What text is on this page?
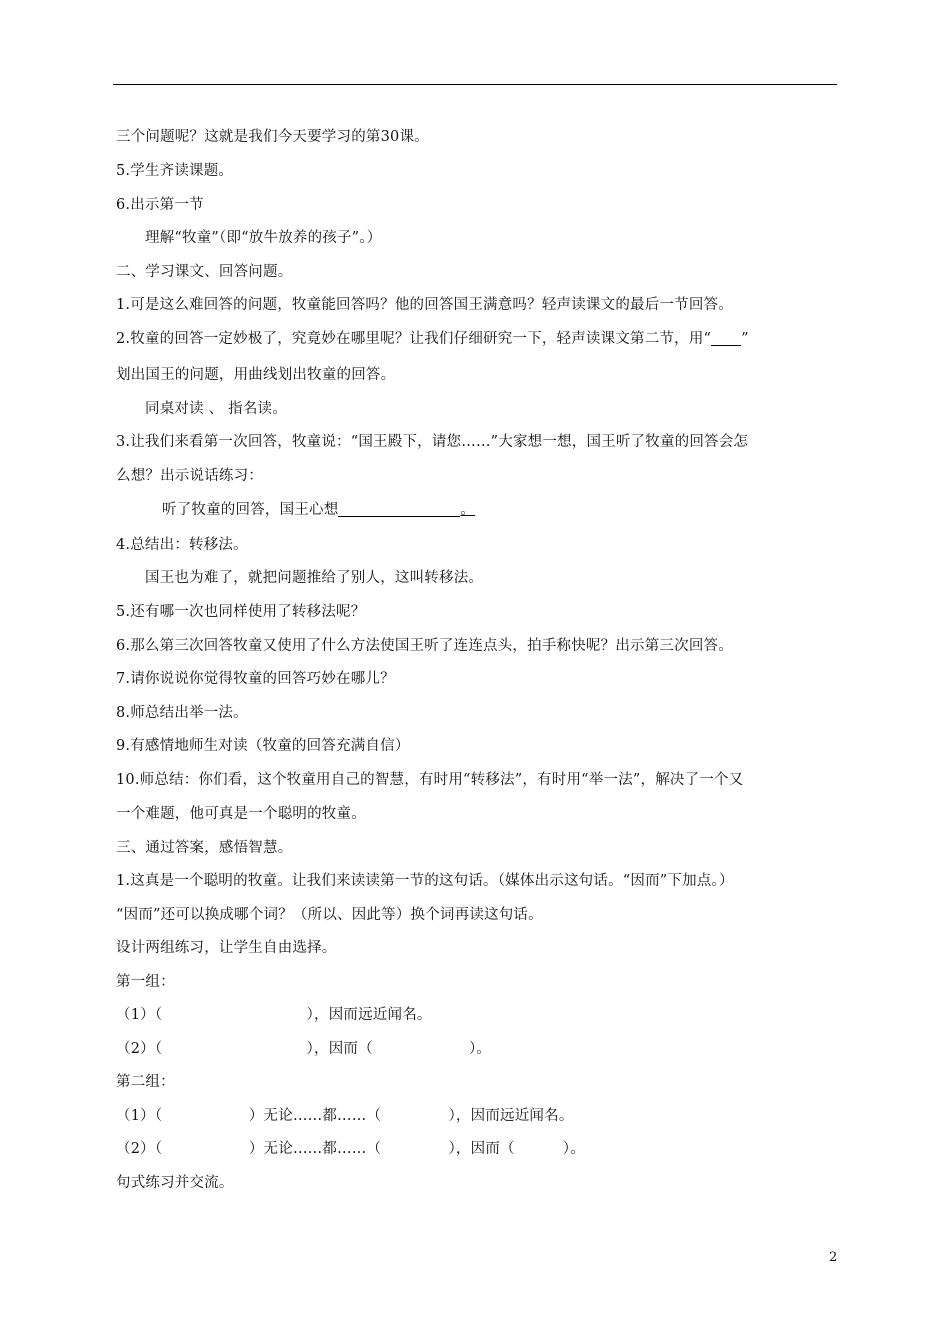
三个问题呢？这就是我们今天要学习的第30课。
5.学生齐读课题。
6.出示第一节
理解“牧童”（即“放牛放养的孩子”。）
二、学习课文、回答问题。
1.可是这么难回答的问题，牧童能回答吗？他的回答国王满意吗？轻声读课文的最后一节回答。
2.牧童的回答一定妙极了，究竟妙在哪里呢？让我们仔细研究一下，轻声读课文第二节，用“ ”
划出国王的问题，用曲线划出牧童的回答。
同桌对读 、 指名读。
3.让我们来看第一次回答，牧童说：“国王殿下，请您……”大家想一想，国王听了牧童的回答会怎
么想？出示说话练习：
听了牧童的回答，国王心想	。
4.总结出：转移法。
国王也为难了，就把问题推给了别人，这叫转移法。
5.还有哪一次也同样使用了转移法呢？
6.那么第三次回答牧童又使用了什么方法使国王听了连连点头，拍手称快呢？出示第三次回答。
7.请你说说你觉得牧童的回答巧妙在哪儿？
8.师总结出举一法。
9.有感情地师生对读（牧童的回答充满自信）
10.师总结：你们看，这个牧童用自己的智慧，有时用“转移法”，有时用“举一法”，解决了一个又
一个难题，他可真是一个聪明的牧童。
三、通过答案，感悟智慧。
1.这真是一个聪明的牧童。让我们来读读第一节的这句话。（媒体出示这句话。“因而”下加点。）
“因而”还可以换成哪个词？（所以、因此等）换个词再读这句话。
设计两组练习，让学生自由选择。
第一组：
（1）（                              ），因而远近闻名。
（2）（                              ），因而（                    ）。
第二组：
（1）（                  ）无论……都……（              ），因而远近闻名。
（2）（                  ）无论……都……（              ），因而（          ）。
句式练习并交流。
2
